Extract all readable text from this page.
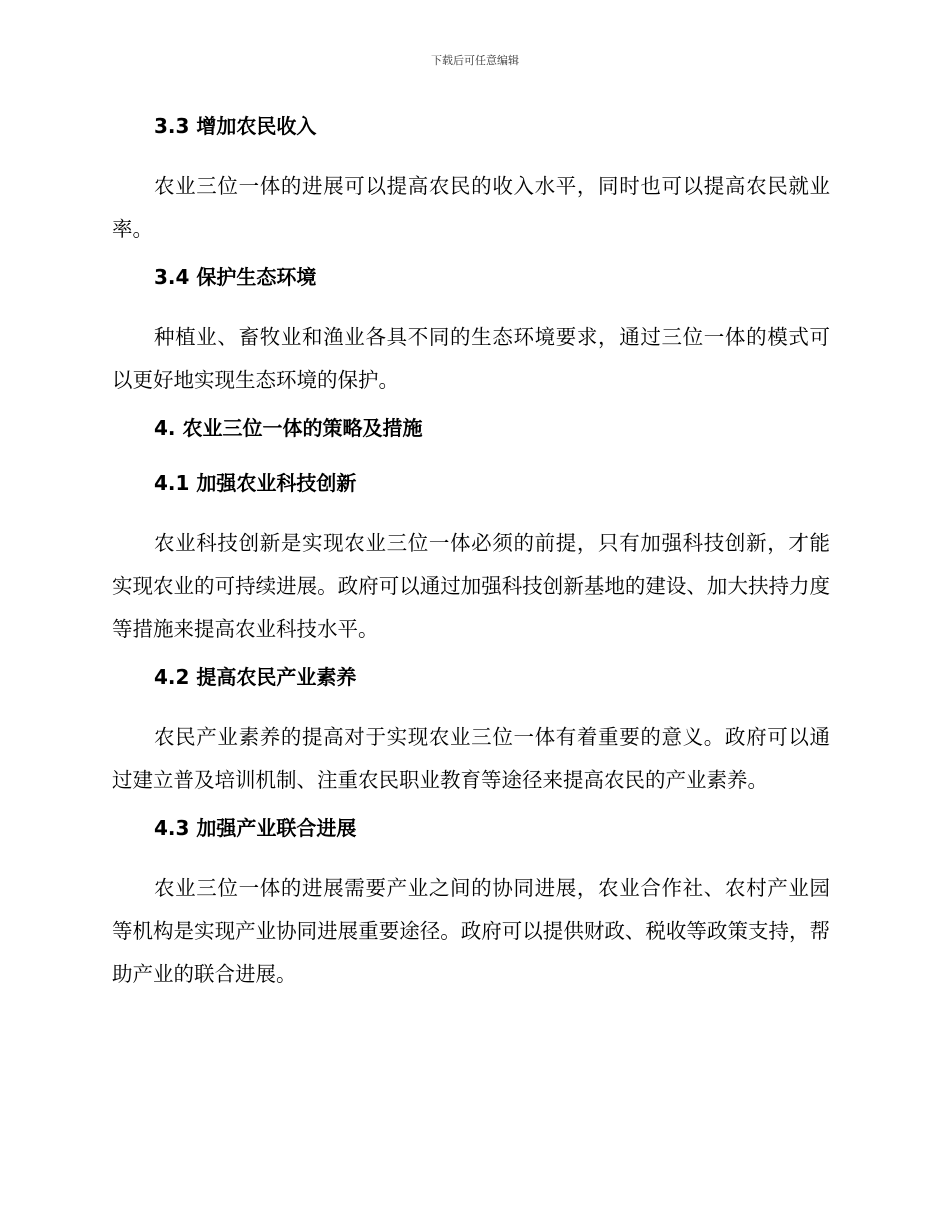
下载后可任意编辑
3.3 增加农民收入

农业三位一体的进展可以提高农民的收入水平，同时也可以提高农民就业率。

3.4 保护生态环境

种植业、畜牧业和渔业各具不同的生态环境要求，通过三位一体的模式可以更好地实现生态环境的保护。

4. 农业三位一体的策略及措施
4.1 加强农业科技创新

农业科技创新是实现农业三位一体必须的前提，只有加强科技创新，才能实现农业的可持续进展。政府可以通过加强科技创新基地的建设、加大扶持力度等措施来提高农业科技水平。

4.2 提高农民产业素养

农民产业素养的提高对于实现农业三位一体有着重要的意义。政府可以通过建立普及培训机制、注重农民职业教育等途径来提高农民的产业素养。

4.3 加强产业联合进展

农业三位一体的进展需要产业之间的协同进展，农业合作社、农村产业园等机构是实现产业协同进展重要途径。政府可以提供财政、税收等政策支持，帮助产业的联合进展。
